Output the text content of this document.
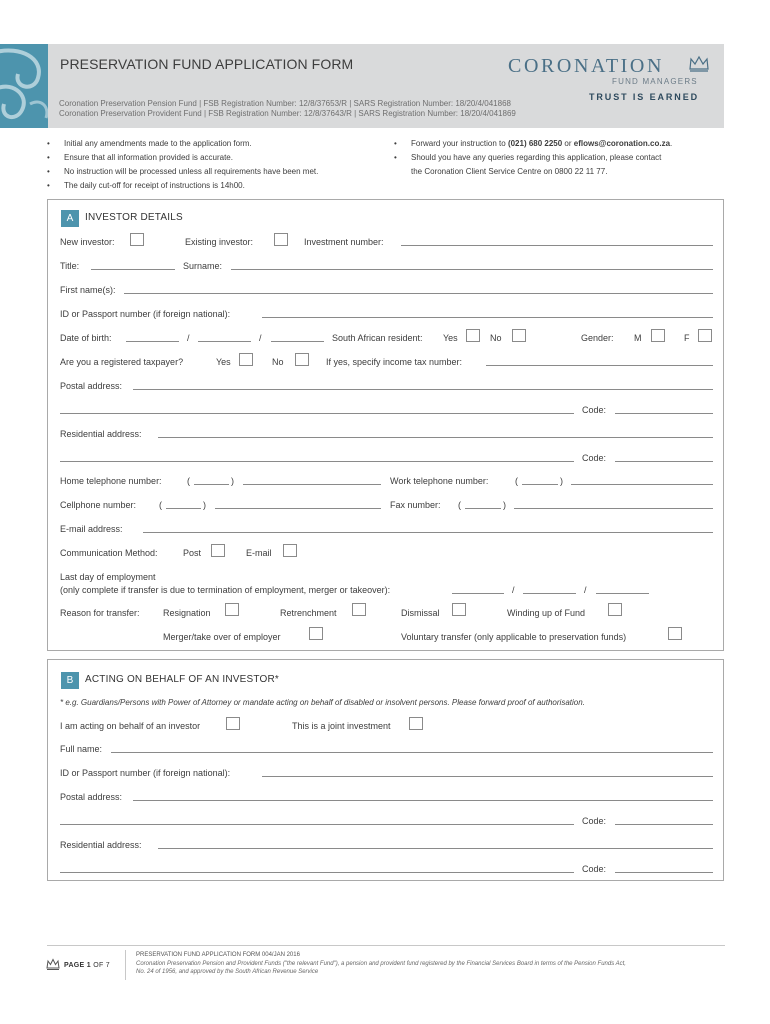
PRESERVATION FUND APPLICATION FORM
Coronation Preservation Pension Fund | FSB Registration Number: 12/8/37653/R | SARS Registration Number: 18/20/4/041868
Coronation Preservation Provident Fund | FSB Registration Number: 12/8/37643/R | SARS Registration Number: 18/20/4/041869
CORONATION
FUND MANAGERS
TRUST IS EARNED
• Initial any amendments made to the application form.
• Ensure that all information provided is accurate.
• No instruction will be processed unless all requirements have been met.
• The daily cut-off for receipt of instructions is 14h00.
• Forward your instruction to (021) 680 2250 or eflows@coronation.co.za.
• Should you have any queries regarding this application, please contact
the Coronation Client Service Centre on 0800 22 11 77.
A	INVESTOR DETAILS
New investor:	Existing investor:	Investment number:
Title:	Surname:
First name(s):
ID or Passport number (if foreign national):
Date of birth:	/	/	South African resident: Yes	No	Gender: M	F
Are you a registered taxpayer?	Yes	No	If yes, specify income tax number:
Postal address:
Code:
Residential address:
Code:
Home telephone number:	(	)	Work telephone number:	(	)
Cellphone number:	(	)	Fax number: (	)
E-mail address:
Communication Method:	Post	E-mail
Last day of employment
(only complete if transfer is due to termination of employment, merger or takeover):	/	/
Reason for transfer:	Resignation	Retrenchment	Dismissal	Winding up of Fund
Merger/take over of employer	Voluntary transfer (only applicable to preservation funds)
B	ACTING ON BEHALF OF AN INVESTOR*
* e.g. Guardians/Persons with Power of Attorney or mandate acting on behalf of disabled or insolvent persons. Please forward proof of authorisation.
I am acting on behalf of an investor	This is a joint investment
Full name:
ID or Passport number (if foreign national):
Postal address:
Code:
Residential address:
Code:
PAGE 1 OF 7
PRESERVATION FUND APPLICATION FORM 004/JAN 2016
Coronation Preservation Pension and Provident Funds ("the relevant Fund"), a pension and provident fund registered by the Financial Services Board in terms of the Pension Funds Act,
No. 24 of 1956, and approved by the South African Revenue Service
